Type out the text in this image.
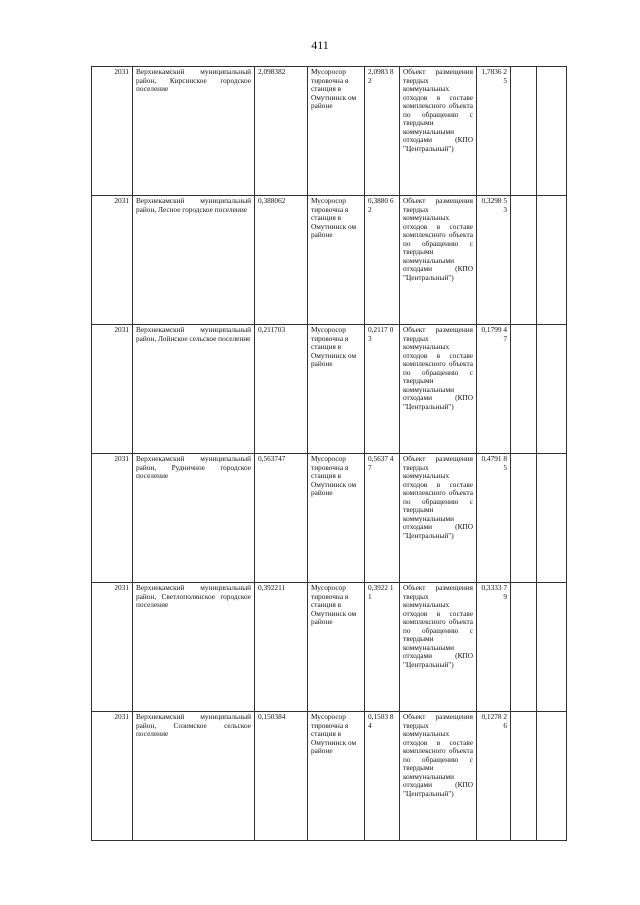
411
2031	Верхнекамский муниципальный район, Кирсинское городское поселение	2,098382	Мусоросор тировочна я станция в Омутнинск ом районе	2,0983 82	Объект размещения твердых коммунальных отходов в составе комплексного объекта по обращению с твердыми коммунальными отходами (КПО "Центральный")	1,7836 25		
2031	Верхнекамский муниципальный район, Лесное городское поселение	0,388062	Мусоросор тировочна я станция в Омутнинск ом районе	0,3880 62	Объект размещения твердых коммунальных отходов в составе комплексного объекта по обращению с твердыми коммунальными отходами (КПО "Центральный")	0,3298 53		
2031	Верхнекамский муниципальный район, Лойнское сельское поселение	0,211703	Мусоросор тировочна я станция в Омутнинск ом районе	0,2117 03	Объект размещения твердых коммунальных отходов в составе комплексного объекта по обращению с твердыми коммунальными отходами (КПО "Центральный")	0,1799 47		
2031	Верхнекамский муниципальный район, Рудничное городское поселение	0,563747	Мусоросор тировочна я станция в Омутнинск ом районе	0,5637 47	Объект размещения твердых коммунальных отходов в составе комплексного объекта по обращению с твердыми коммунальными отходами (КПО "Центральный")	0,4791 85		
2031	Верхнекамский муниципальный район, Светлополянское городское поселение	0,392211	Мусоросор тировочна я станция в Омутнинск ом районе	0,3922 11	Объект размещения твердых коммунальных отходов в составе комплексного объекта по обращению с твердыми коммунальными отходами (КПО "Центральный")	0,3333 79		
2031	Верхнекамский муниципальный район, Созимское сельское поселение	0,150384	Мусоросор тировочна я станция в Омутнинск ом районе	0,1503 84	Объект размещения твердых коммунальных отходов в составе комплексного объекта по обращению с твердыми коммунальными отходами (КПО "Центральный")	0,1278 26		
